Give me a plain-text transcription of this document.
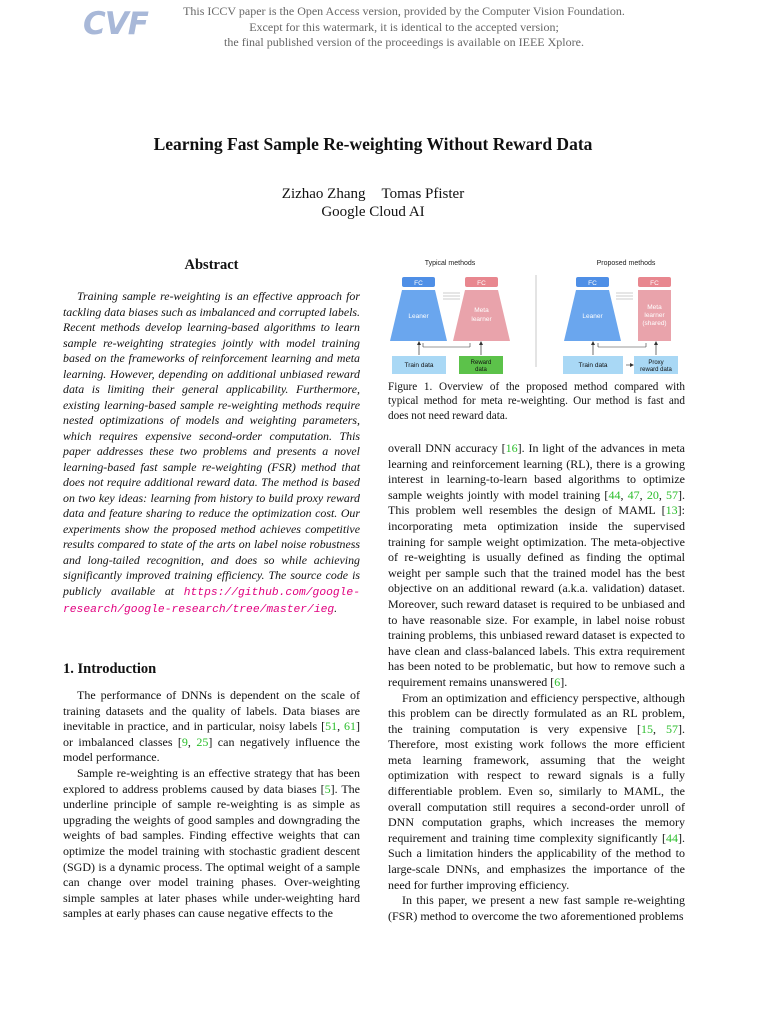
CVF	This ICCV paper is the Open Access version, provided by the Computer Vision Foundation.
Except for this watermark, it is identical to the accepted version;
the final published version of the proceedings is available on IEEE Xplore.
Learning Fast Sample Re-weighting Without Reward Data
Zizhao Zhang Tomas Pfister
Google Cloud AI
Abstract
Training sample re-weighting is an effective approach for tackling data biases such as imbalanced and corrupted labels. Recent methods develop learning-based algorithms to learn sample re-weighting strategies jointly with model training based on the frameworks of reinforcement learning and meta learning. However, depending on additional unbiased reward data is limiting their general applicability. Furthermore, existing learning-based sample re-weighting methods require nested optimizations of models and weighting parameters, which requires expensive second-order computation. This paper addresses these two problems and presents a novel learning-based fast sample re-weighting (FSR) method that does not require additional reward data. The method is based on two key ideas: learning from history to build proxy reward data and feature sharing to reduce the optimization cost. Our experiments show the proposed method achieves competitive results compared to state of the arts on label noise robustness and long-tailed recognition, and does so while achieving significantly improved training efficiency. The source code is publicly available at https://github.com/google-research/google-research/tree/master/ieg.
1. Introduction

The performance of DNNs is dependent on the scale of training datasets and the quality of labels. Data biases are inevitable in practice, and in particular, noisy labels [51, 61] or imbalanced classes [9, 25] can negatively influence the model performance.

Sample re-weighting is an effective strategy that has been explored to address problems caused by data biases [5]. The underline principle of sample re-weighting is as simple as upgrading the weights of good samples and downgrading the weights of bad samples. Finding effective weights that can optimize the model training with stochastic gradient descent (SGD) is a dynamic process. The optimal weight of a sample can change over model training phases. Over-weighting simple samples at later phases while under-weighting hard samples at early phases can cause negative effects to the

Typical methods	Proposed methods
FC
Leaner
Train data
FC
Meta
learner
Reward
data
FC
Leaner
Train data
FC
Meta
learner
(shared)
Proxy
reward data
Figure 1. Overview of the proposed method compared with typical method for meta re-weighting. Our method is fast and does not need reward data.

overall DNN accuracy [16]. In light of the advances in meta learning and reinforcement learning (RL), there is a growing interest in learning-to-learn based algorithms to optimize sample weights jointly with model training [44, 47, 20, 57]. This problem well resembles the design of MAML [13]: incorporating meta optimization inside the supervised training for sample weight optimization. The meta-objective of re-weighting is usually defined as finding the optimal weight per sample such that the trained model has the best objective on an additional reward (a.k.a. validation) dataset. Moreover, such reward dataset is required to be unbiased and to have reasonable size. For example, in label noise robust training problems, this unbiased reward dataset is expected to have clean and class-balanced labels. This extra requirement has been noted to be problematic, but how to remove such a requirement remains unanswered [6].

From an optimization and efficiency perspective, although this problem can be directly formulated as an RL problem, the training computation is very expensive [15, 57]. Therefore, most existing work follows the more efficient meta learning framework, assuming that the weight optimization with respect to reward signals is a fully differentiable problem. Even so, similarly to MAML, the overall computation still requires a second-order unroll of DNN computation graphs, which increases the memory requirement and training time complexity significantly [44]. Such a limitation hinders the applicability of the method to large-scale DNNs, and emphasizes the importance of the need for further improving efficiency.

In this paper, we present a new fast sample re-weighting (FSR) method to overcome the two aforementioned problems
